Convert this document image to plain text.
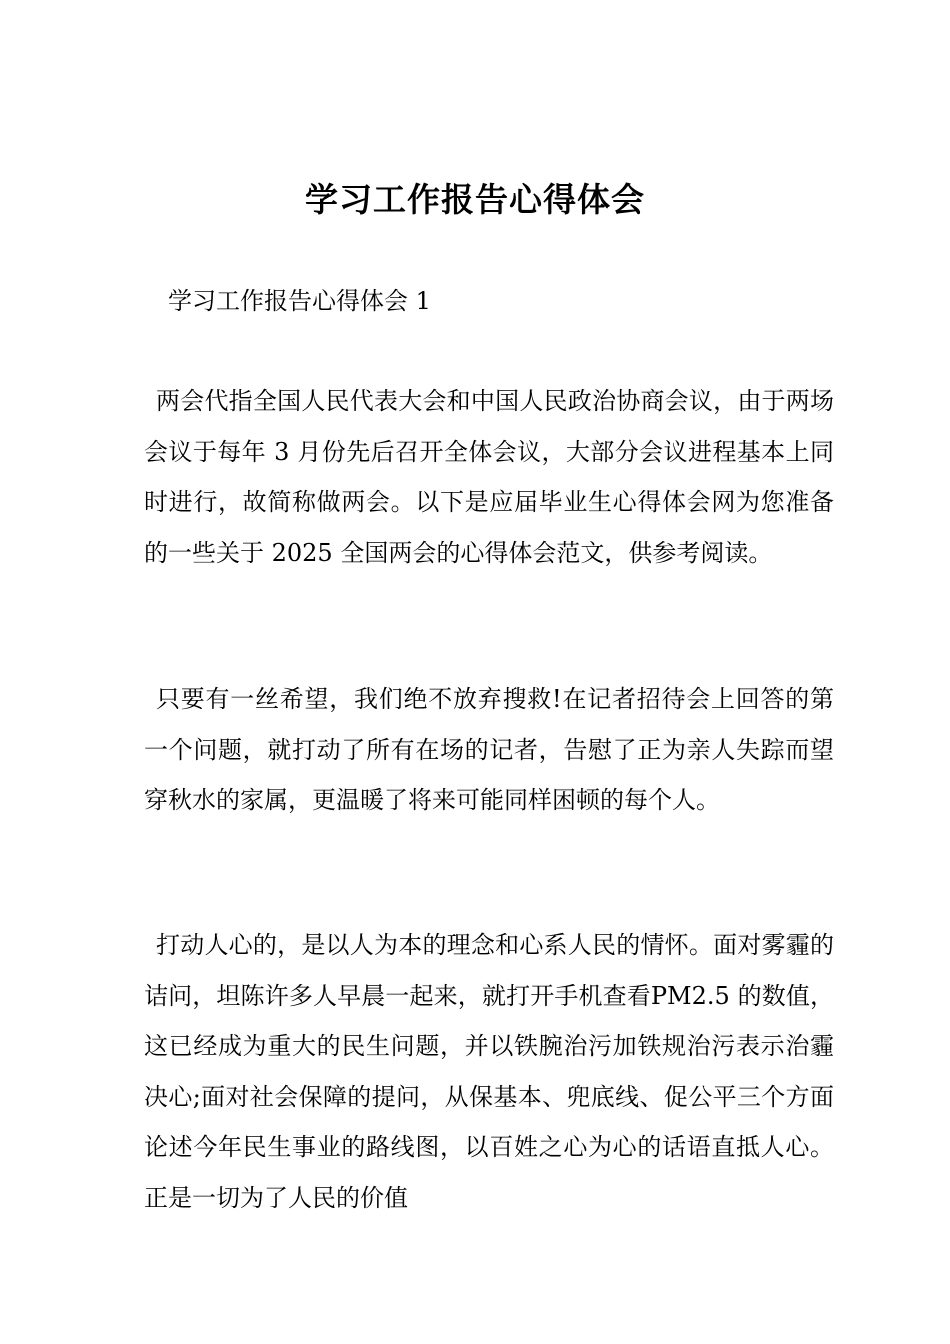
学习工作报告心得体会

学习工作报告心得体会 1

两会代指全国人民代表大会和中国人民政治协商会议，由于两场会议于每年 3 月份先后召开全体会议，大部分会议进程基本上同时进行，故简称做两会。以下是应届毕业生心得体会网为您准备的一些关于 2025 全国两会的心得体会范文，供参考阅读。

只要有一丝希望，我们绝不放弃搜救!在记者招待会上回答的第一个问题，就打动了所有在场的记者，告慰了正为亲人失踪而望穿秋水的家属，更温暖了将来可能同样困顿的每个人。

打动人心的，是以人为本的理念和心系人民的情怀。面对雾霾的诘问，坦陈许多人早晨一起来，就打开手机查看PM2.5 的数值，这已经成为重大的民生问题，并以铁腕治污加铁规治污表示治霾决心;面对社会保障的提问，从保基本、兜底线、促公平三个方面论述今年民生事业的路线图，以百姓之心为心的话语直抵人心。正是一切为了人民的价值
